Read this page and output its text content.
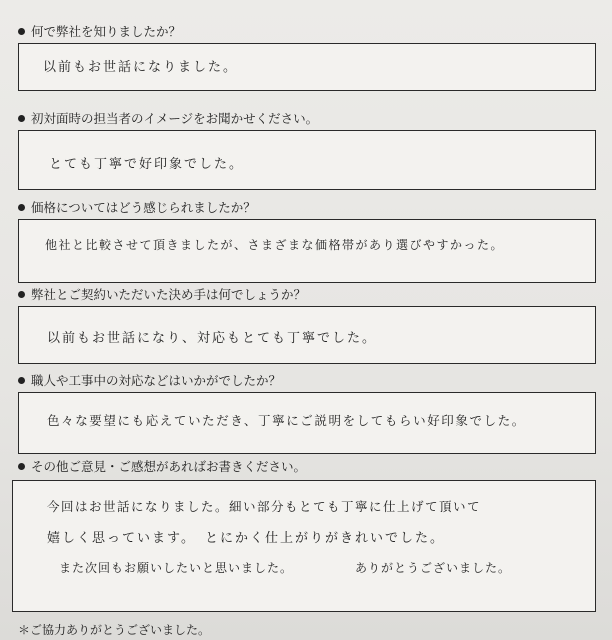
何で弊社を知りましたか？
以前もお世話になりました。
初対面時の担当者のイメージをお聞かせください。
とても丁寧で好印象でした。
価格についてはどう感じられましたか？
他社と比較させて頂きましたが、さまざまな価格帯があり選びやすかった。
弊社とご契約いただいた決め手は何でしょうか？
以前もお世話になり、対応もとても丁寧でした。
職人や工事中の対応などはいかがでしたか？
色々な要望にも応えていただき、丁寧にご説明をしてもらい好印象でした。
その他ご意見・ご感想があればお書きください。
今回はお世話になりました。細い部分もとても丁寧に仕上げて頂いて
嬉しく思っています。 とにかく仕上がりがきれいでした。
また次回もお願いしたいと思いました。	ありがとうございました。
＊ご協力ありがとうございました。
